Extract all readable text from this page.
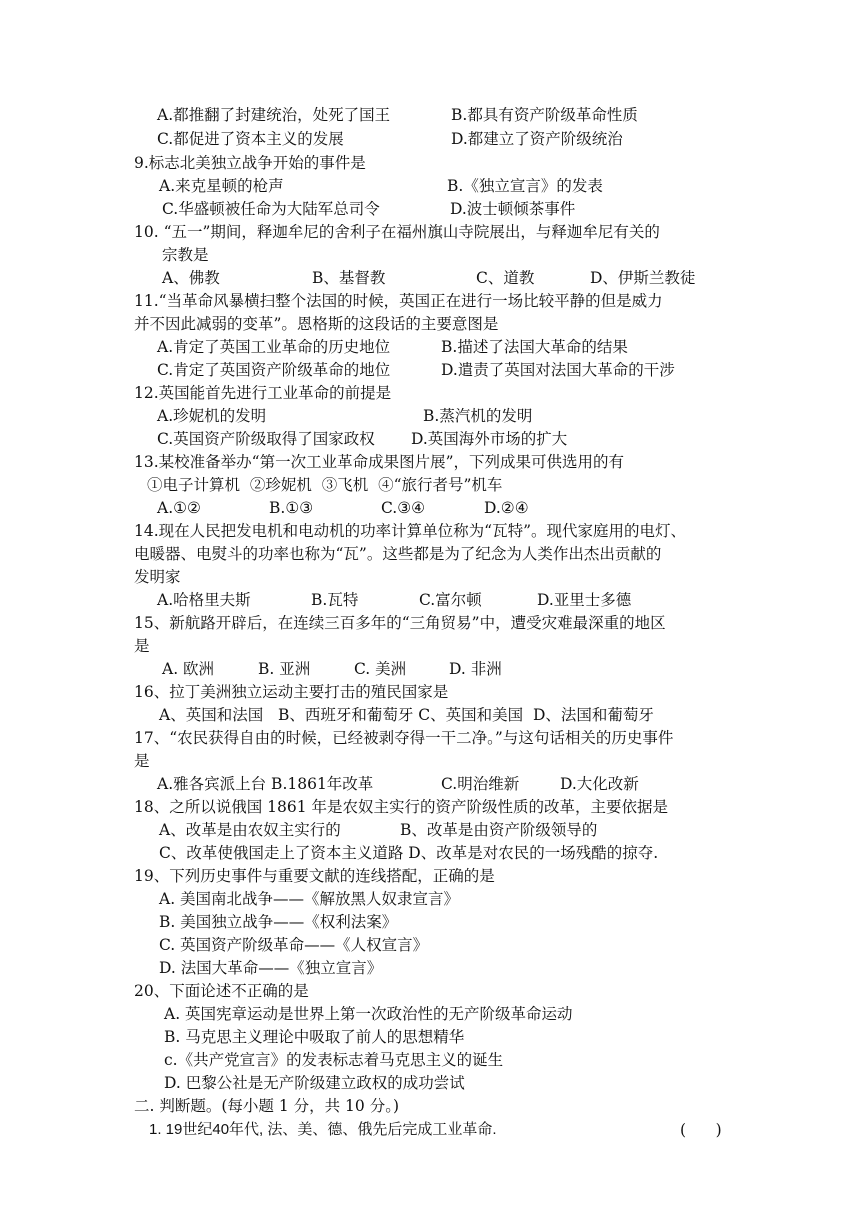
A.都推翻了封建统治，处死了国王

	B.都具有资产阶级革命性质

C.都促进了资本主义的发展

	D.都建立了资产阶级统治

9.标志北美独立战争开始的事件是

A.来克星顿的枪声

	B.《独立宣言》的发表

C.华盛顿被任命为大陆军总司令

	D.波士顿倾茶事件

10. “五一”期间，释迦牟尼的舍利子在福州旗山寺院展出，与释迦牟尼有关的
宗教是

A、佛教

	B、基督教

	C、道教

	D、伊斯兰教徒

11.“当革命风暴横扫整个法国的时候，英国正在进行一场比较平静的但是威力
并不因此减弱的变革”。恩格斯的这段话的主要意图是

A.肯定了英国工业革命的历史地位

	B.描述了法国大革命的结果

C.肯定了英国资产阶级革命的地位

	D.遣责了英国对法国大革命的干涉

12.英国能首先进行工业革命的前提是

A.珍妮机的发明

	B.蒸汽机的发明

C.英国资产阶级取得了国家政权

D.英国海外市场的扩大

13.某校准备举办“第一次工业革命成果图片展”，下列成果可供选用的有
①电子计算机  ②珍妮机  ③飞机  ④“旅行者号”机车

A.①②

	B.①③

	C.③④

	D.②④

14.现在人民把发电机和电动机的功率计算单位称为“瓦特”。现代家庭用的电灯、
电暖器、电熨斗的功率也称为“瓦”。这些都是为了纪念为人类作出杰出贡献的
发明家

A.哈格里夫斯

	B.瓦特

	C.富尔顿

	D.亚里士多德

15、新航路开辟后，在连续三百多年的“三角贸易”中，遭受灾难最深重的地区
是

A. 欧洲

	B. 亚洲

	C. 美洲

	D. 非洲

16、拉丁美洲独立运动主要打击的殖民国家是
A、英国和法国   B、西班牙和葡萄牙 C、英国和美国  D、法国和葡萄牙
17、“农民获得自由的时候，已经被剥夺得一干二净。”与这句话相关的历史事件
是

A.雅各宾派上台 B.1861年改革

	C.明治维新

	D.大化改新

18、之所以说俄国 1861 年是农奴主实行的资产阶级性质的改革，主要依据是

A、改革是由农奴主实行的

	B、改革是由资产阶级领导的

C、改革使俄国走上了资本主义道路 D、改革是对农民的一场残酷的掠夺.
19、下列历史事件与重要文献的连线搭配，正确的是
A. 美国南北战争——《解放黑人奴隶宣言》
B. 美国独立战争——《权利法案》
C. 英国资产阶级革命——《人权宣言》
D. 法国大革命——《独立宣言》
20、下面论述不正确的是
A. 英国宪章运动是世界上第一次政治性的无产阶级革命运动
B. 马克思主义理论中吸取了前人的思想精华
c.《共产党宣言》的发表标志着马克思主义的诞生
D. 巴黎公社是无产阶级建立政权的成功尝试
二. 判断题。(每小题 1 分，共 10 分。)
1. 19世纪40年代, 法、美、德、俄先后完成工业革命.	(      )
